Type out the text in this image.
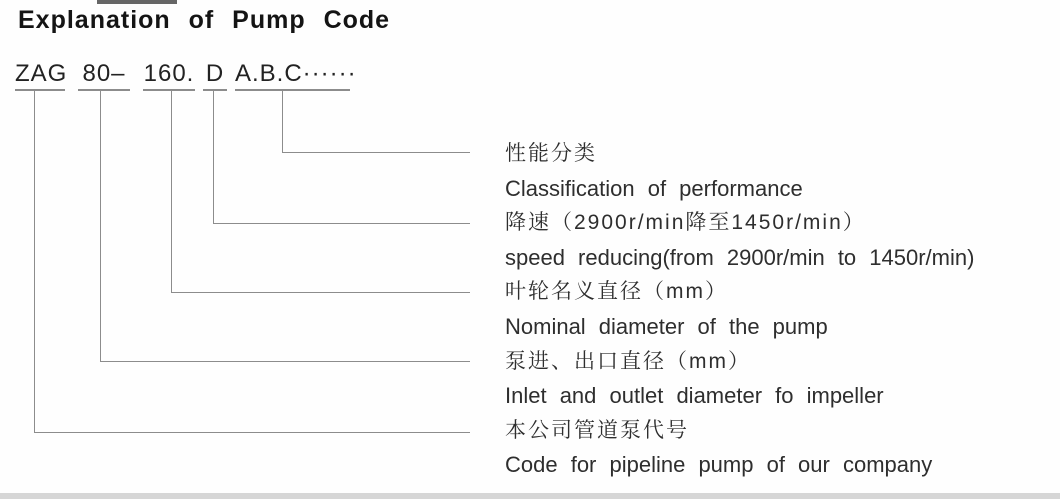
Explanation of Pump Code
ZAG 80– 160. D A.B.C······
性能分类
Classification of performance
降速（2900r/min降至1450r/min）
speed reducing(from 2900r/min to 1450r/min)
叶轮名义直径（mm）
Nominal diameter of the pump
泵进、出口直径（mm）
Inlet and outlet diameter fo impeller
本公司管道泵代号
Code for pipeline pump of our company
